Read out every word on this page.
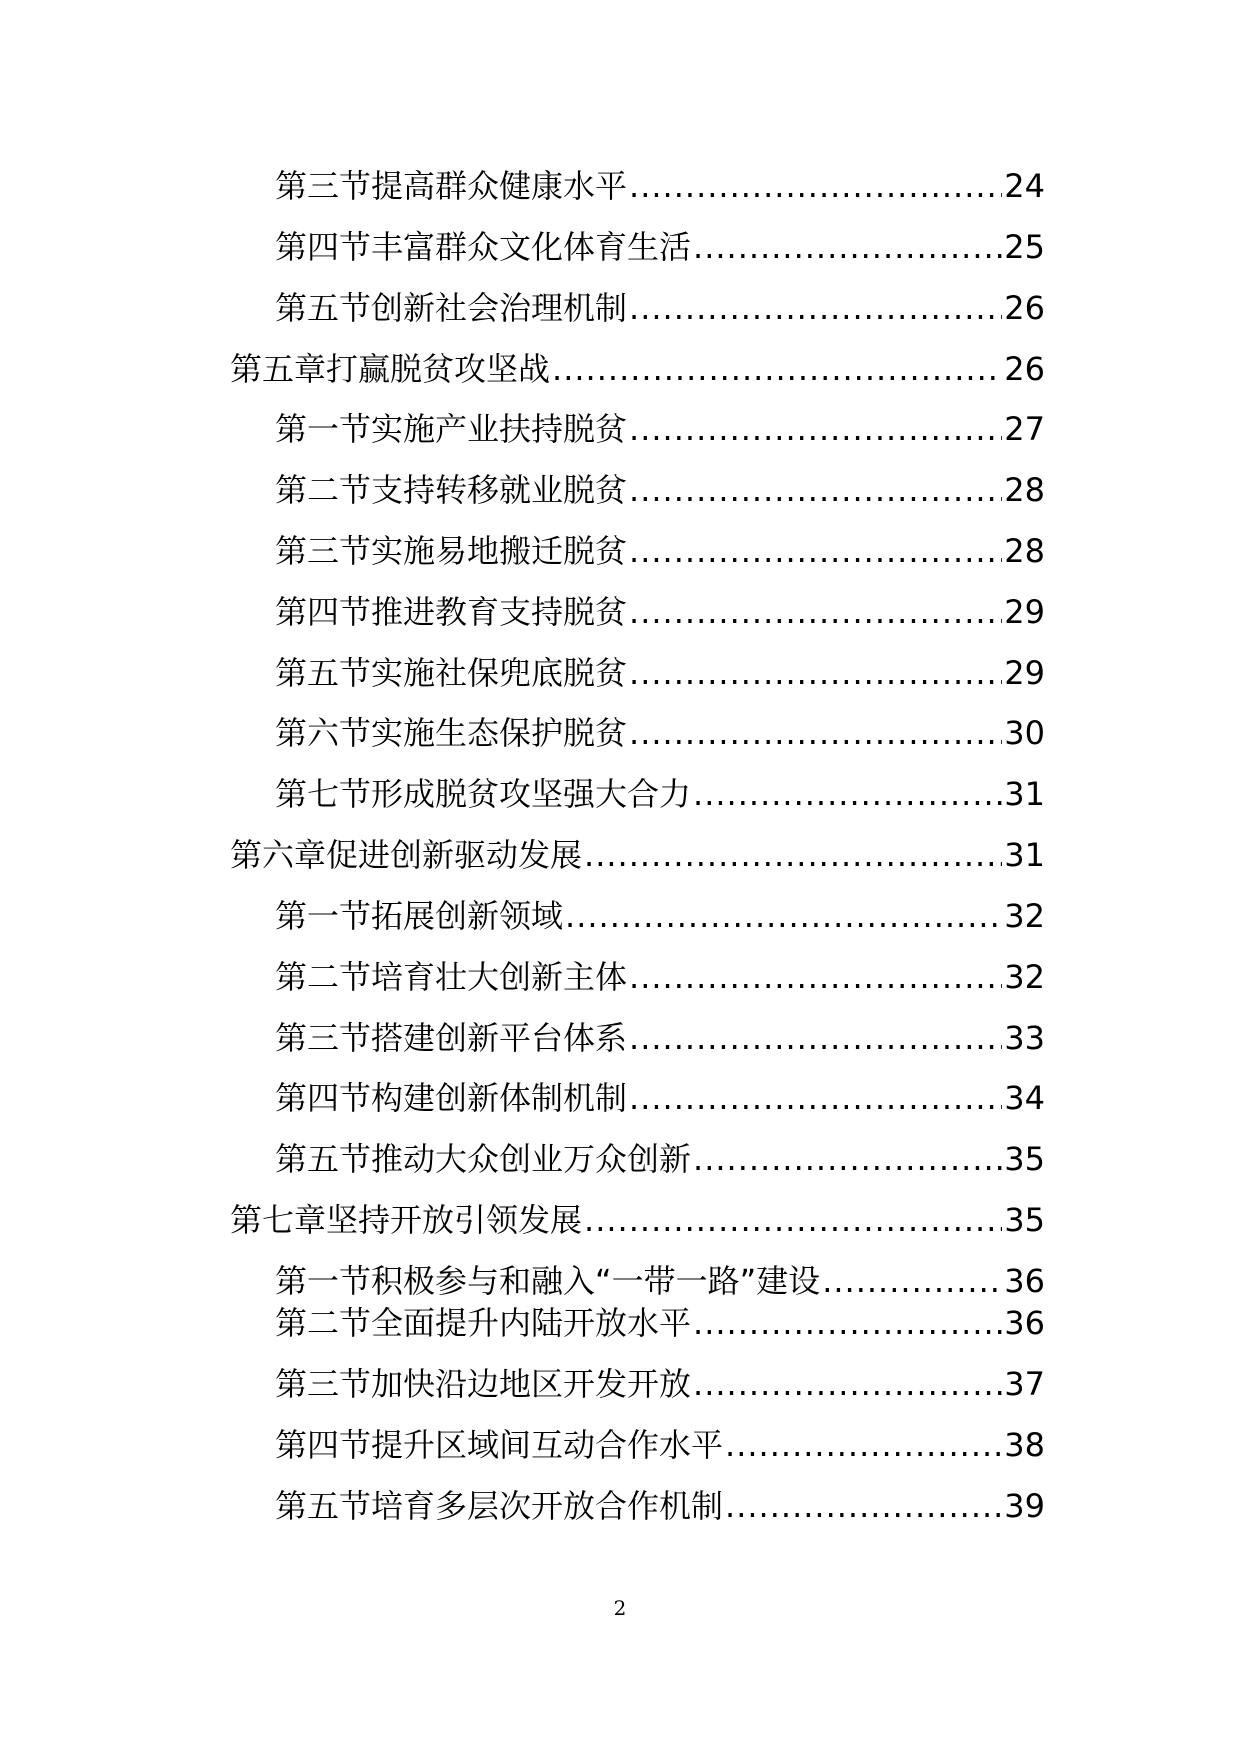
第三节 提高群众健康水平 .....	24
第四节 丰富群众文化体育生活 .....	25
第五节 创新社会治理机制 .....	26
第五章 打赢脱贫攻坚战 .....	26
第一节 实施产业扶持脱贫 .....	27
第二节 支持转移就业脱贫 .....	28
第三节 实施易地搬迁脱贫 .....	28
第四节 推进教育支持脱贫 .....	29
第五节 实施社保兜底脱贫 .....	29
第六节 实施生态保护脱贫 .....	30
第七节 形成脱贫攻坚强大合力 .....	31
第六章 促进创新驱动发展 .....	31
第一节 拓展创新领域 .....	32
第二节 培育壮大创新主体 .....	32
第三节 搭建创新平台体系 .....	33
第四节 构建创新体制机制 .....	34
第五节 推动大众创业万众创新 .....	35
第七章 坚持开放引领发展 .....	35
第一节 积极参与和融入“一带一路”建设 .....	36
第二节 全面提升内陆开放水平 .....	36
第三节 加快沿边地区开发开放 .....	37
第四节 提升区域间互动合作水平 .....	38
第五节 培育多层次开放合作机制 .....	39
2
